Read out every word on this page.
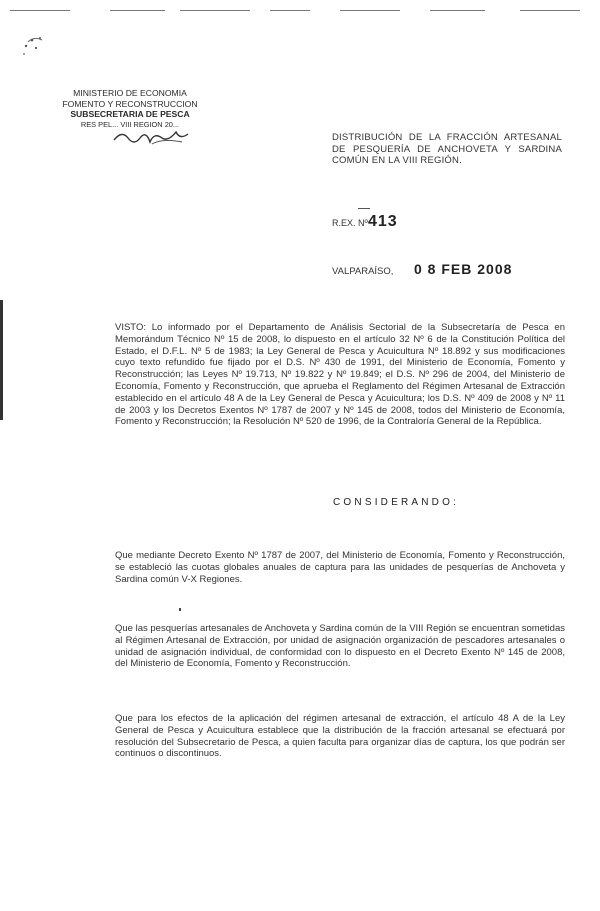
MINISTERIO DE ECONOMIA
FOMENTO Y RECONSTRUCCION
SUBSECRETARIA DE PESCA
RES PEL... VIII REGION 20...
DISTRIBUCIÓN DE LA FRACCIÓN ARTESANAL DE PESQUERÍA DE ANCHOVETA Y SARDINA COMÚN EN LA VIII REGIÓN.
R.EX. Nº 413
VALPARAÍSO, 0 8 FEB 2008
VISTO: Lo informado por el Departamento de Análisis Sectorial de la Subsecretaría de Pesca en Memorándum Técnico Nº 15 de 2008, lo dispuesto en el artículo 32 Nº 6 de la Constitución Política del Estado, el D.F.L. Nº 5 de 1983; la Ley General de Pesca y Acuicultura Nº 18.892 y sus modificaciones cuyo texto refundido fue fijado por el D.S. Nº 430 de 1991, del Ministerio de Economía, Fomento y Reconstrucción; las Leyes Nº 19.713, Nº 19.822 y Nº 19.849; el D.S. Nº 296 de 2004, del Ministerio de Economía, Fomento y Reconstrucción, que aprueba el Reglamento del Régimen Artesanal de Extracción establecido en el artículo 48 A de la Ley General de Pesca y Acuicultura; los D.S. Nº 409 de 2008 y Nº 11 de 2003 y los Decretos Exentos Nº 1787 de 2007 y Nº 145 de 2008, todos del Ministerio de Economía, Fomento y Reconstrucción; la Resolución Nº 520 de 1996, de la Contraloría General de la República.
CONSIDERANDO:
Que mediante Decreto Exento Nº 1787 de 2007, del Ministerio de Economía, Fomento y Reconstrucción, se estableció las cuotas globales anuales de captura para las unidades de pesquerías de Anchoveta y Sardina común V-X Regiones.
Que las pesquerías artesanales de Anchoveta y Sardina común de la VIII Región se encuentran sometidas al Régimen Artesanal de Extracción, por unidad de asignación organización de pescadores artesanales o unidad de asignación individual, de conformidad con lo dispuesto en el Decreto Exento Nº 145 de 2008, del Ministerio de Economía, Fomento y Reconstrucción.
Que para los efectos de la aplicación del régimen artesanal de extracción, el artículo 48 A de la Ley General de Pesca y Acuicultura establece que la distribución de la fracción artesanal se efectuará por resolución del Subsecretario de Pesca, a quien faculta para organizar días de captura, los que podrán ser continuos o discontinuos.
